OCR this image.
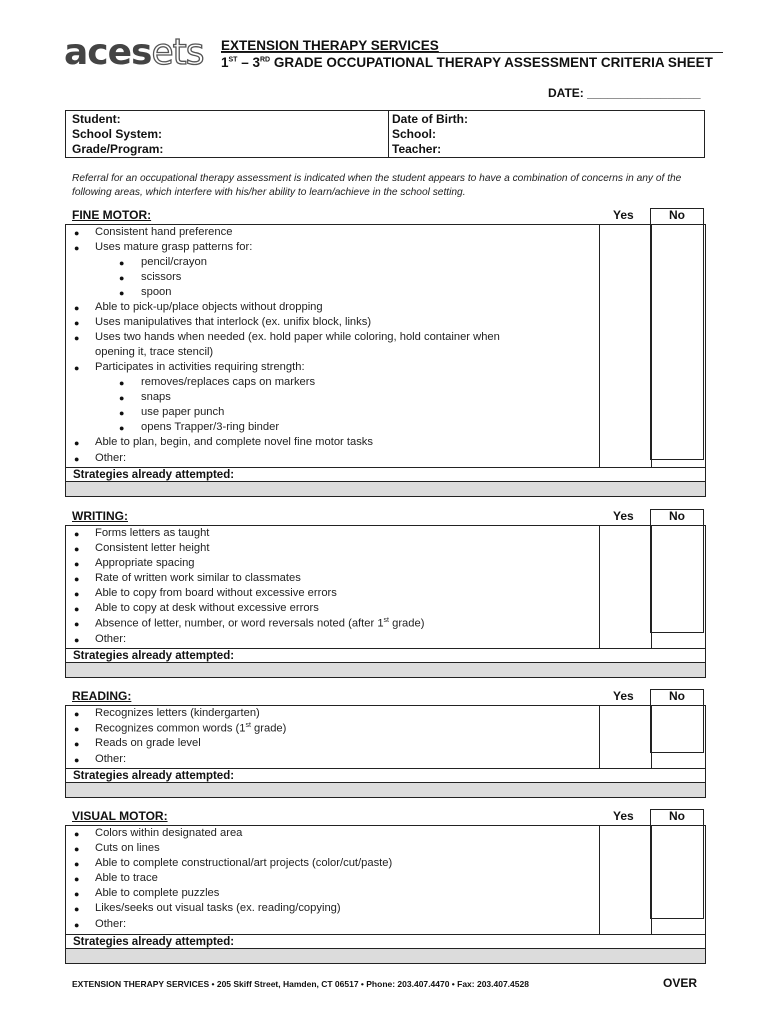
acesets EXTENSION THERAPY SERVICES
1ST – 3RD GRADE OCCUPATIONAL THERAPY ASSESSMENT CRITERIA SHEET
DATE: _________________
Student:
School System:
Grade/Program:
Date of Birth:
School:
Teacher:
Referral for an occupational therapy assessment is indicated when the student appears to have a combination of concerns in any of the following areas, which interfere with his/her ability to learn/achieve in the school setting.
FINE MOTOR:	Yes	No
● Consistent hand preference
● Uses mature grasp patterns for:
● pencil/crayon
● scissors
● spoon
● Able to pick-up/place objects without dropping
● Uses manipulatives that interlock (ex. unifix block, links)
● Uses two hands when needed (ex. hold paper while coloring, hold container when
opening it, trace stencil)
● Participates in activities requiring strength:
● removes/replaces caps on markers
● snaps
● use paper punch
● opens Trapper/3-ring binder
● Able to plan, begin, and complete novel fine motor tasks
● Other:
Strategies already attempted:
WRITING:	Yes	No
● Forms letters as taught
● Consistent letter height
● Appropriate spacing
● Rate of written work similar to classmates
● Able to copy from board without excessive errors
● Able to copy at desk without excessive errors
● Absence of letter, number, or word reversals noted (after 1st grade)
● Other:
Strategies already attempted:
READING:	Yes	No
● Recognizes letters (kindergarten)
● Recognizes common words (1st grade)
● Reads on grade level
● Other:
Strategies already attempted:
VISUAL MOTOR:	Yes	No
● Colors within designated area
● Cuts on lines
● Able to complete constructional/art projects (color/cut/paste)
● Able to trace
● Able to complete puzzles
● Likes/seeks out visual tasks (ex. reading/copying)
● Other:
Strategies already attempted:
EXTENSION THERAPY SERVICES • 205 Skiff Street, Hamden, CT 06517 • Phone: 203.407.4470 • Fax: 203.407.4528	OVER
